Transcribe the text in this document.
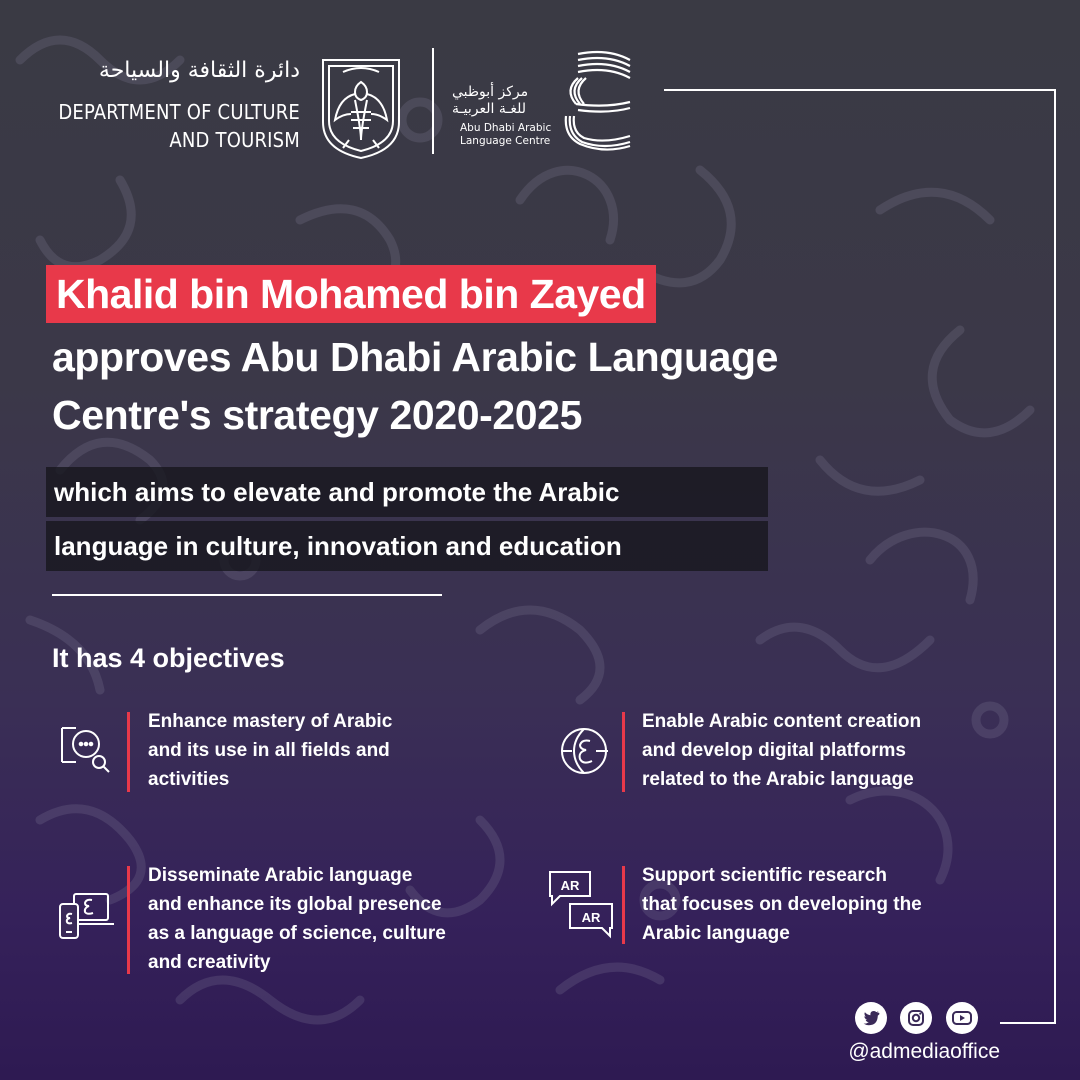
دائرة الثقافة والسياحة
DEPARTMENT OF CULTURE
AND TOURISM
مركز أبوظبي
للغـة العربيـة
Abu Dhabi Arabic
Language Centre
Khalid bin Mohamed bin Zayed
approves Abu Dhabi Arabic Language
Centre's strategy 2020-2025
which aims to elevate and promote the Arabic
language in culture, innovation and education
It has 4 objectives
Enhance mastery of Arabic
and its use in all fields and
activities
Enable Arabic content creation
and develop digital platforms
related to the Arabic language
Disseminate Arabic language
and enhance its global presence
as a language of science, culture
and creativity
AR
AR
Support scientific research
that focuses on developing the
Arabic language
@admediaoffice
